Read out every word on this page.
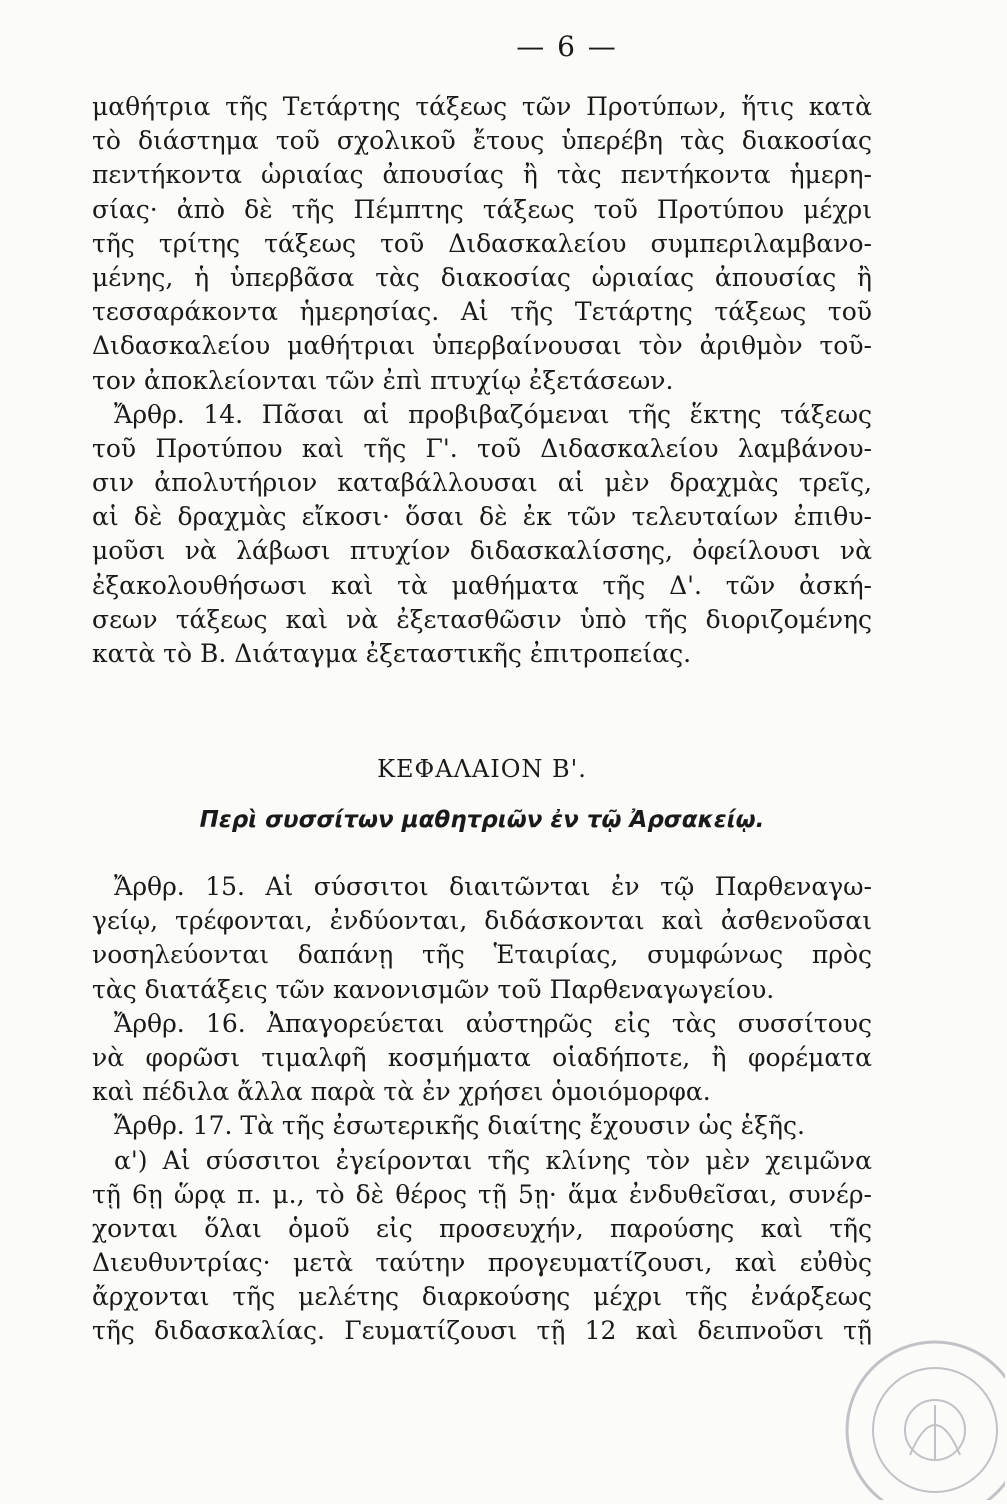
— 6 —
μαθήτρια τῆς Τετάρτης τάξεως τῶν Προτύπων, ἥτις κατὰ
τὸ διάστημα τοῦ σχολικοῦ ἔτους ὑπερέβη τὰς διακοσίας
πεντήκοντα ὡριαίας ἀπουσίας ἢ τὰς πεντήκοντα ἡμερη-
σίας· ἀπὸ δὲ τῆς Πέμπτης τάξεως τοῦ Προτύπου μέχρι
τῆς τρίτης τάξεως τοῦ Διδασκαλείου συμπεριλαμβανο-
μένης, ἡ ὑπερβᾶσα τὰς διακοσίας ὡριαίας ἀπουσίας ἢ
τεσσαράκοντα ἡμερησίας. Αἱ τῆς Τετάρτης τάξεως τοῦ
Διδασκαλείου μαθήτριαι ὑπερβαίνουσαι τὸν ἀριθμὸν τοῦ-
τον ἀποκλείονται τῶν ἐπὶ πτυχίῳ ἐξετάσεων.
Ἄρθρ. 14. Πᾶσαι αἱ προβιβαζόμεναι τῆς ἕκτης τάξεως
τοῦ Προτύπου καὶ τῆς Γ'. τοῦ Διδασκαλείου λαμβάνου-
σιν ἀπολυτήριον καταβάλλουσαι αἱ μὲν δραχμὰς τρεῖς,
αἱ δὲ δραχμὰς εἴκοσι· ὅσαι δὲ ἐκ τῶν τελευταίων ἐπιθυ-
μοῦσι νὰ λάβωσι πτυχίον διδασκαλίσσης, ὀφείλουσι νὰ
ἐξακολουθήσωσι καὶ τὰ μαθήματα τῆς Δ'. τῶν ἀσκή-
σεων τάξεως καὶ νὰ ἐξετασθῶσιν ὑπὸ τῆς διοριζομένης
κατὰ τὸ Β. Διάταγμα ἐξεταστικῆς ἐπιτροπείας.
ΚΕΦΑΛΑΙΟΝ Β'.
Περὶ συσσίτων μαθητριῶν ἐν τῷ Ἀρσακείῳ.
Ἄρθρ. 15. Αἱ σύσσιτοι διαιτῶνται ἐν τῷ Παρθεναγω-
γείῳ, τρέφονται, ἐνδύονται, διδάσκονται καὶ ἀσθενοῦσαι
νοσηλεύονται δαπάνῃ τῆς Ἑταιρίας, συμφώνως πρὸς
τὰς διατάξεις τῶν κανονισμῶν τοῦ Παρθεναγωγείου.
Ἄρθρ. 16. Ἀπαγορεύεται αὐστηρῶς εἰς τὰς συσσίτους
νὰ φορῶσι τιμαλφῆ κοσμήματα οἱαδήποτε, ἢ φορέματα
καὶ πέδιλα ἄλλα παρὰ τὰ ἐν χρήσει ὁμοιόμορφα.
Ἄρθρ. 17. Τὰ τῆς ἐσωτερικῆς διαίτης ἔχουσιν ὡς ἑξῆς.
α') Αἱ σύσσιτοι ἐγείρονται τῆς κλίνης τὸν μὲν χειμῶνα
τῇ 6ῃ ὥρᾳ π. μ., τὸ δὲ θέρος τῇ 5ῃ· ἅμα ἐνδυθεῖσαι, συνέρ-
χονται ὅλαι ὁμοῦ εἰς προσευχήν, παρούσης καὶ τῆς
Διευθυντρίας· μετὰ ταύτην προγευματίζουσι, καὶ εὐθὺς
ἄρχονται τῆς μελέτης διαρκούσης μέχρι τῆς ἐνάρξεως
τῆς διδασκαλίας. Γευματίζουσι τῇ 12 καὶ δειπνοῦσι τῇ
